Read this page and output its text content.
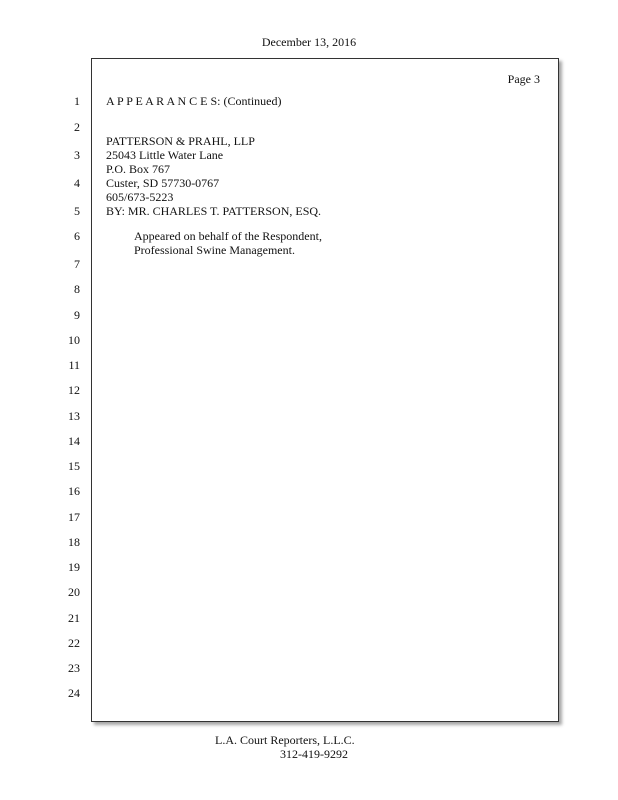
December 13, 2016
Page 3
1
2
3
4
5
6
7
8
9
10
11
12
13
14
15
16
17
18
19
20
21
22
23
24
A P P E A R A N C E S: (Continued)
PATTERSON & PRAHL, LLP
25043 Little Water Lane
P.O. Box 767
Custer, SD 57730-0767
605/673-5223
BY: MR. CHARLES T. PATTERSON, ESQ.
Appeared on behalf of the Respondent,
Professional Swine Management.
L.A. Court Reporters, L.L.C.
312-419-9292
